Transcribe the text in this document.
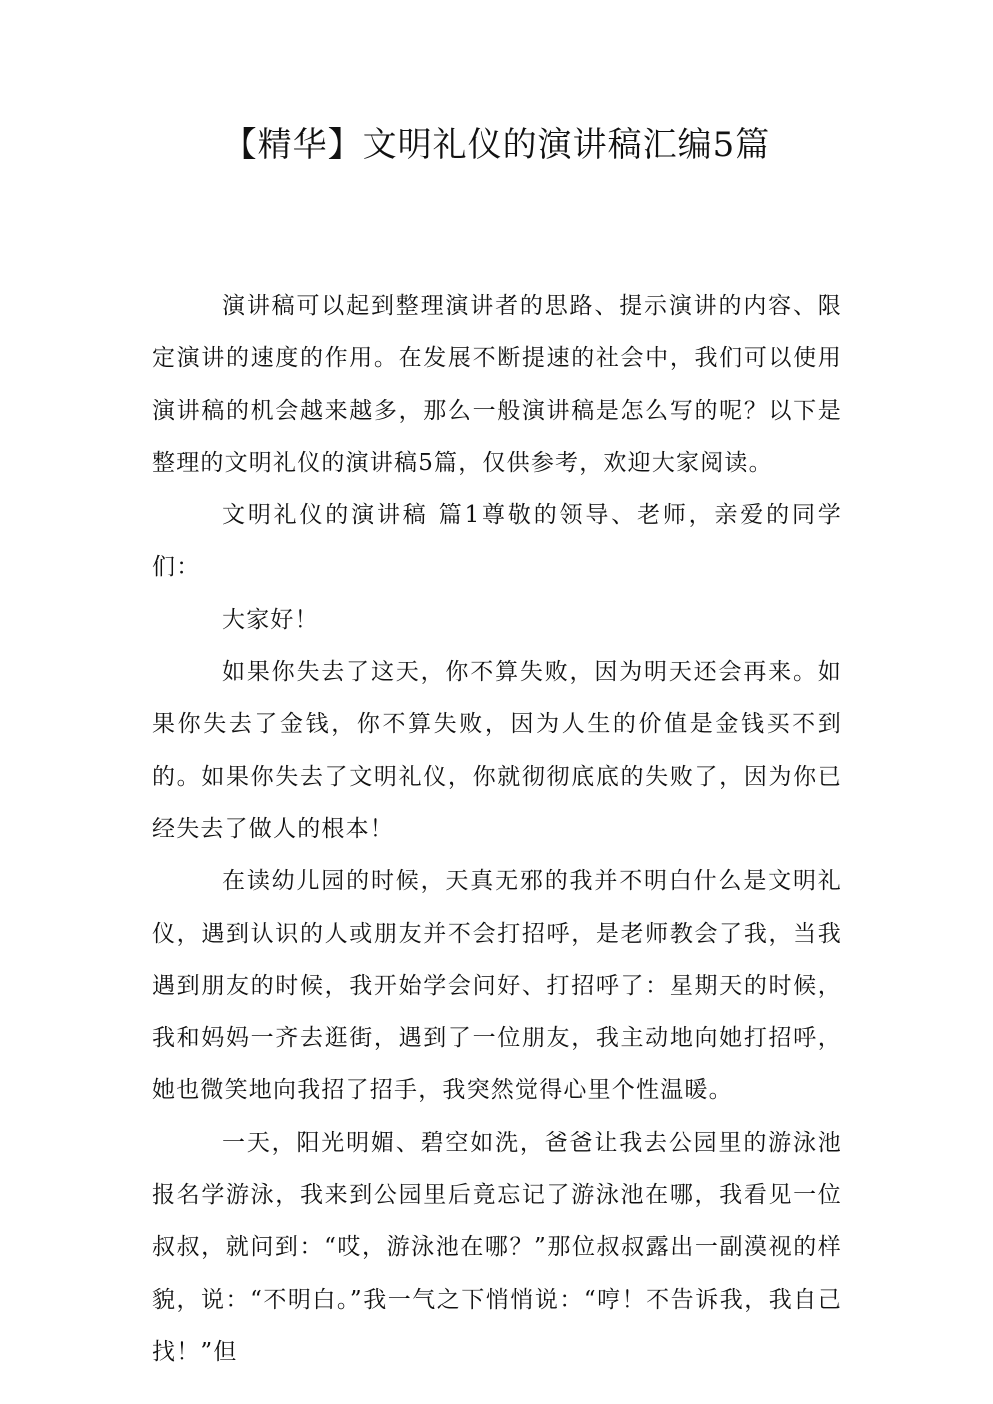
【精华】文明礼仪的演讲稿汇编5篇

演讲稿可以起到整理演讲者的思路、提示演讲的内容、限定演讲的速度的作用。在发展不断提速的社会中，我们可以使用演讲稿的机会越来越多，那么一般演讲稿是怎么写的呢？以下是整理的文明礼仪的演讲稿5篇，仅供参考，欢迎大家阅读。

文明礼仪的演讲稿 篇1尊敬的领导、老师，亲爱的同学们：

大家好！

如果你失去了这天，你不算失败，因为明天还会再来。如果你失去了金钱，你不算失败，因为人生的价值是金钱买不到的。如果你失去了文明礼仪，你就彻彻底底的失败了，因为你已经失去了做人的根本！

在读幼儿园的时候，天真无邪的我并不明白什么是文明礼仪，遇到认识的人或朋友并不会打招呼，是老师教会了我，当我遇到朋友的时候，我开始学会问好、打招呼了：星期天的时候，我和妈妈一齐去逛街，遇到了一位朋友，我主动地向她打招呼，她也微笑地向我招了招手，我突然觉得心里个性温暖。

一天，阳光明媚、碧空如洗，爸爸让我去公园里的游泳池报名学游泳，我来到公园里后竟忘记了游泳池在哪，我看见一位叔叔，就问到：“哎，游泳池在哪？”那位叔叔露出一副漠视的样貌，说：“不明白。”我一气之下悄悄说：“哼！不告诉我，我自己找！”但
